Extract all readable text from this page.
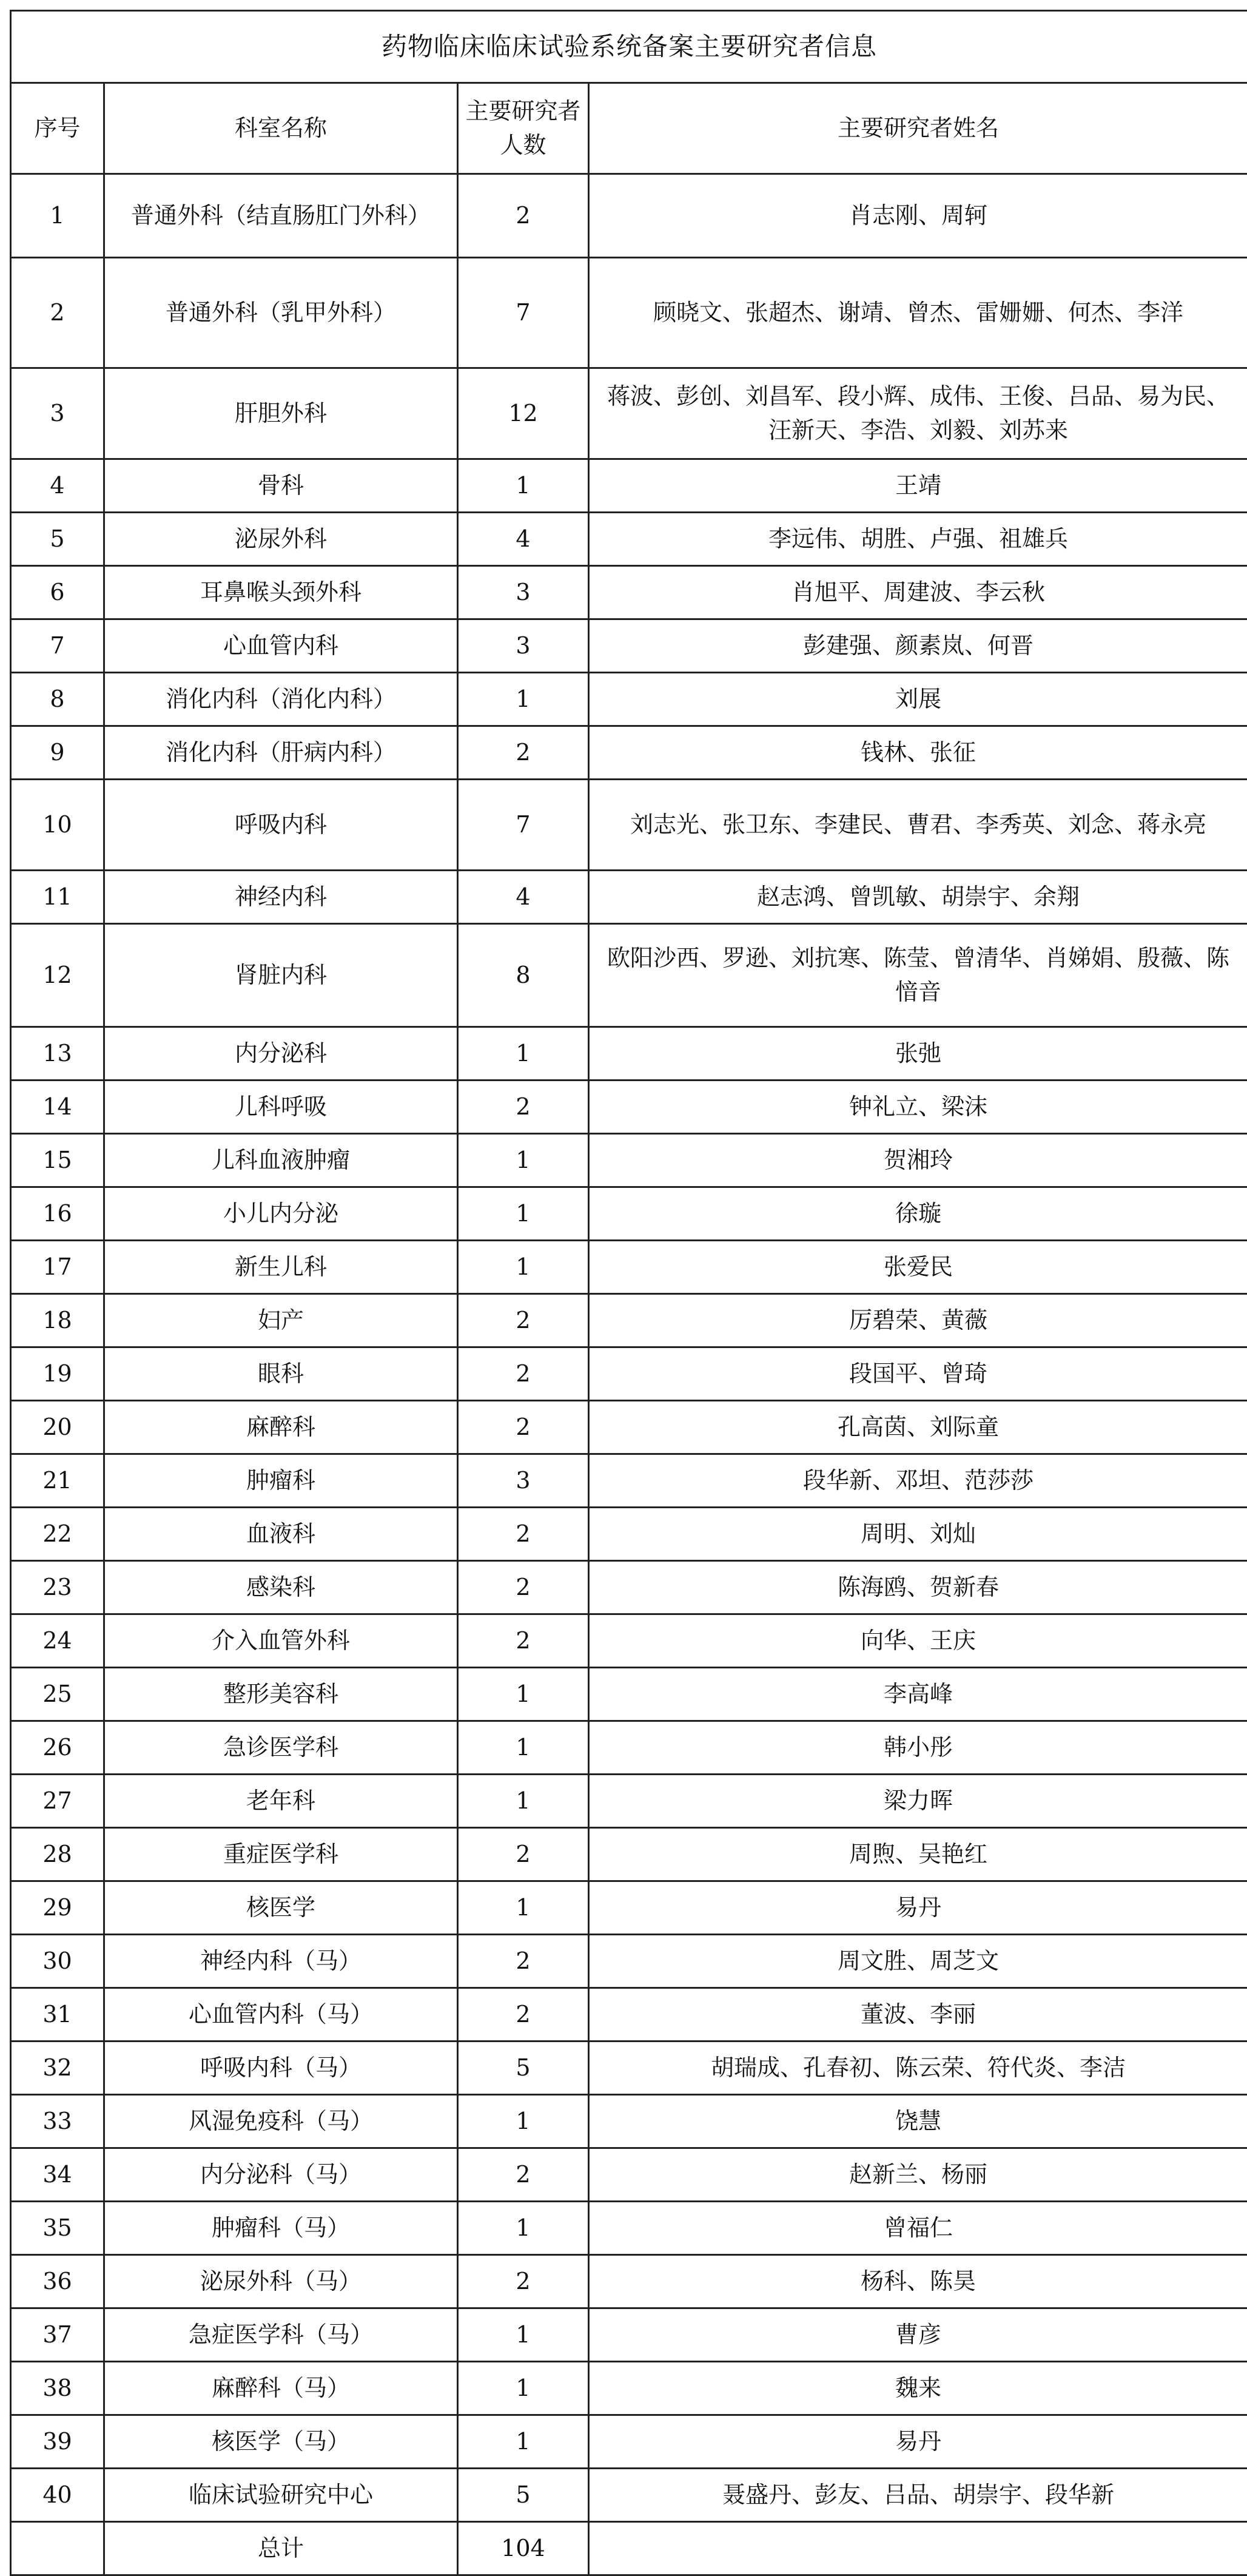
药物临床临床试验系统备案主要研究者信息			
序号	科室名称	主要研究者人数	主要研究者姓名
1	普通外科（结直肠肛门外科）	2	肖志刚、周轲
2	普通外科（乳甲外科）	7	顾晓文、张超杰、谢靖、曾杰、雷姗姗、何杰、李洋
3	肝胆外科	12	蒋波、彭创、刘昌军、段小辉、成伟、王俊、吕品、易为民、汪新天、李浩、刘毅、刘苏来
4	骨科	1	王靖
5	泌尿外科	4	李远伟、胡胜、卢强、祖雄兵
6	耳鼻喉头颈外科	3	肖旭平、周建波、李云秋
7	心血管内科	3	彭建强、颜素岚、何晋
8	消化内科（消化内科）	1	刘展
9	消化内科（肝病内科）	2	钱林、张征
10	呼吸内科	7	刘志光、张卫东、李建民、曹君、李秀英、刘念、蒋永亮
11	神经内科	4	赵志鸿、曾凯敏、胡崇宇、余翔
12	肾脏内科	8	欧阳沙西、罗逊、刘抗寒、陈莹、曾清华、肖娣娟、殷薇、陈愔音
13	内分泌科	1	张弛
14	儿科呼吸	2	钟礼立、梁沫
15	儿科血液肿瘤	1	贺湘玲
16	小儿内分泌	1	徐璇
17	新生儿科	1	张爱民
18	妇产	2	厉碧荣、黄薇
19	眼科	2	段国平、曾琦
20	麻醉科	2	孔高茵、刘际童
21	肿瘤科	3	段华新、邓坦、范莎莎
22	血液科	2	周明、刘灿
23	感染科	2	陈海鸥、贺新春
24	介入血管外科	2	向华、王庆
25	整形美容科	1	李高峰
26	急诊医学科	1	韩小彤
27	老年科	1	梁力晖
28	重症医学科	2	周煦、吴艳红
29	核医学	1	易丹
30	神经内科（马）	2	周文胜、周芝文
31	心血管内科（马）	2	董波、李丽
32	呼吸内科（马）	5	胡瑞成、孔春初、陈云荣、符代炎、李洁
33	风湿免疫科（马）	1	饶慧
34	内分泌科（马）	2	赵新兰、杨丽
35	肿瘤科（马）	1	曾福仁
36	泌尿外科（马）	2	杨科、陈昊
37	急症医学科（马）	1	曹彦
38	麻醉科（马）	1	魏来
39	核医学（马）	1	易丹
40	临床试验研究中心	5	聂盛丹、彭友、吕品、胡崇宇、段华新
	总计	104	
